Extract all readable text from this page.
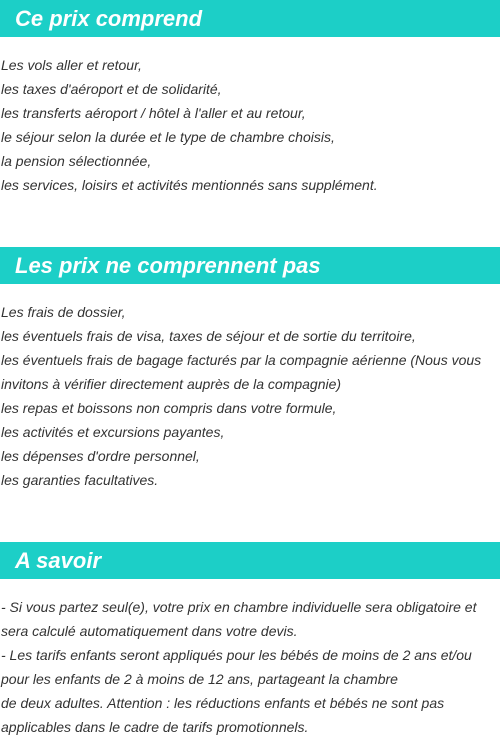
Ce prix comprend
Les vols aller et retour,
les taxes d'aéroport et de solidarité,
les transferts aéroport / hôtel à l'aller et au retour,
le séjour selon la durée et le type de chambre choisis,
la pension sélectionnée,
les services, loisirs et activités mentionnés sans supplément.
Les prix ne comprennent pas
Les frais de dossier,
les éventuels frais de visa, taxes de séjour et de sortie du territoire,
les éventuels frais de bagage facturés par la compagnie aérienne (Nous vous invitons à vérifier directement auprès de la compagnie)
les repas et boissons non compris dans votre formule,
les activités et excursions payantes,
les dépenses d'ordre personnel,
les garanties facultatives.
A savoir
- Si vous partez seul(e), votre prix en chambre individuelle sera obligatoire et sera calculé automatiquement dans votre devis.
- Les tarifs enfants seront appliqués pour les bébés de moins de 2 ans et/ou pour les enfants de 2 à moins de 12 ans, partageant la chambre
de deux adultes. Attention : les réductions enfants et bébés ne sont pas applicables dans le cadre de tarifs promotionnels.
